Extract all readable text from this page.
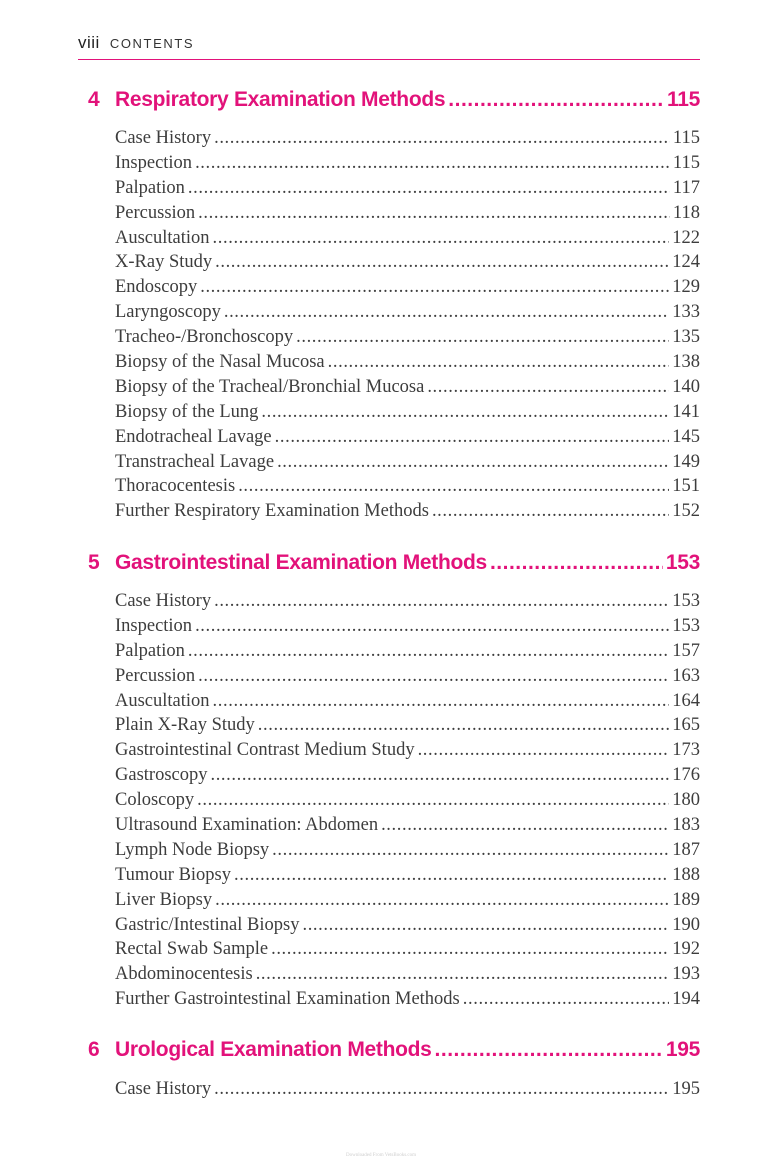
viii CONTENTS
4 Respiratory Examination Methods .....	115
Case History .....	115
Inspection .....	115
Palpation .....	117
Percussion .....	118
Auscultation .....	122
X-Ray Study .....	124
Endoscopy .....	129
Laryngoscopy .....	133
Tracheo-/Bronchoscopy .....	135
Biopsy of the Nasal Mucosa .....	138
Biopsy of the Tracheal/Bronchial Mucosa .....	140
Biopsy of the Lung .....	141
Endotracheal Lavage .....	145
Transtracheal Lavage .....	149
Thoracocentesis .....	151
Further Respiratory Examination Methods .....	152
5 Gastrointestinal Examination Methods .....	153
Case History .....	153
Inspection .....	153
Palpation .....	157
Percussion .....	163
Auscultation .....	164
Plain X-Ray Study .....	165
Gastrointestinal Contrast Medium Study .....	173
Gastroscopy .....	176
Coloscopy .....	180
Ultrasound Examination: Abdomen .....	183
Lymph Node Biopsy .....	187
Tumour Biopsy .....	188
Liver Biopsy .....	189
Gastric/Intestinal Biopsy .....	190
Rectal Swab Sample .....	192
Abdominocentesis .....	193
Further Gastrointestinal Examination Methods .....	194
6 Urological Examination Methods .....	195
Case History .....	195
Downloaded From VetsBooks.com
